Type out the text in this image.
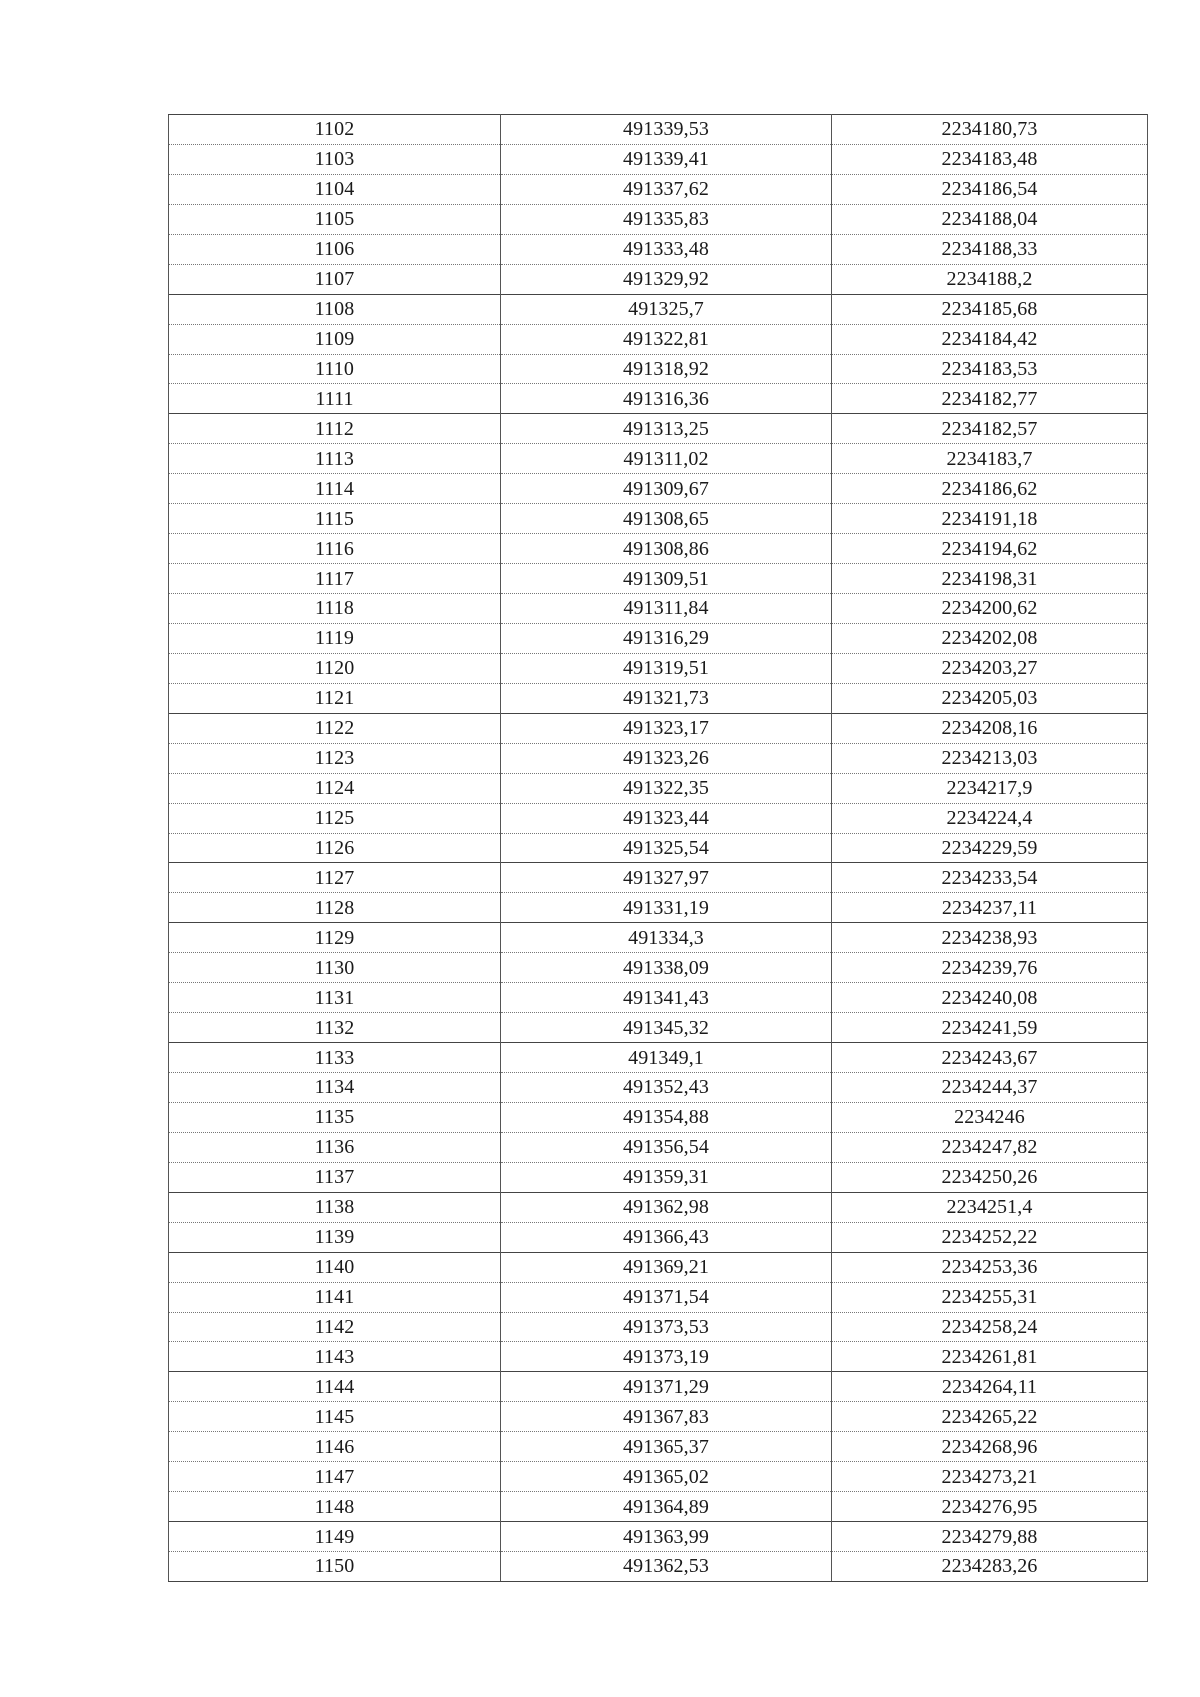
1102	491339,53	2234180,73
1103	491339,41	2234183,48
1104	491337,62	2234186,54
1105	491335,83	2234188,04
1106	491333,48	2234188,33
1107	491329,92	2234188,2
1108	491325,7	2234185,68
1109	491322,81	2234184,42
1110	491318,92	2234183,53
1111	491316,36	2234182,77
1112	491313,25	2234182,57
1113	491311,02	2234183,7
1114	491309,67	2234186,62
1115	491308,65	2234191,18
1116	491308,86	2234194,62
1117	491309,51	2234198,31
1118	491311,84	2234200,62
1119	491316,29	2234202,08
1120	491319,51	2234203,27
1121	491321,73	2234205,03
1122	491323,17	2234208,16
1123	491323,26	2234213,03
1124	491322,35	2234217,9
1125	491323,44	2234224,4
1126	491325,54	2234229,59
1127	491327,97	2234233,54
1128	491331,19	2234237,11
1129	491334,3	2234238,93
1130	491338,09	2234239,76
1131	491341,43	2234240,08
1132	491345,32	2234241,59
1133	491349,1	2234243,67
1134	491352,43	2234244,37
1135	491354,88	2234246
1136	491356,54	2234247,82
1137	491359,31	2234250,26
1138	491362,98	2234251,4
1139	491366,43	2234252,22
1140	491369,21	2234253,36
1141	491371,54	2234255,31
1142	491373,53	2234258,24
1143	491373,19	2234261,81
1144	491371,29	2234264,11
1145	491367,83	2234265,22
1146	491365,37	2234268,96
1147	491365,02	2234273,21
1148	491364,89	2234276,95
1149	491363,99	2234279,88
1150	491362,53	2234283,26
